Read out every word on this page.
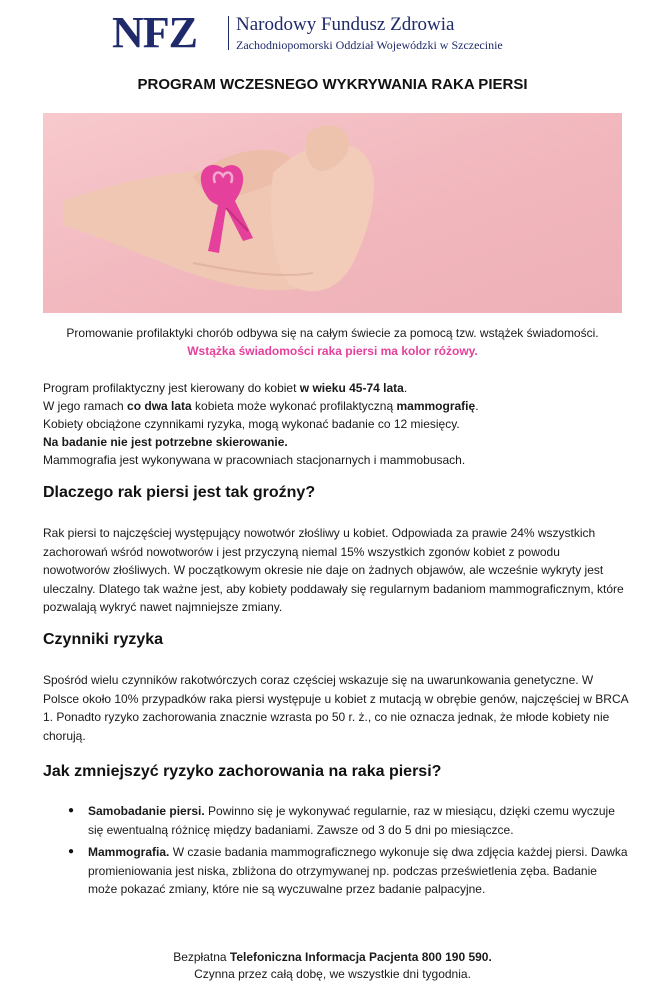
NFZ Narodowy Fundusz Zdrowia
Zachodniopomorski Oddział Wojewódzki w Szczecinie
PROGRAM WCZESNEGO WYKRYWANIA RAKA PIERSI

Promowanie profilaktyki chorób odbywa się na całym świecie za pomocą tzw. wstążek świadomości.

Wstążka świadomości raka piersi ma kolor różowy.

Program profilaktyczny jest kierowany do kobiet w wieku 45-74 lata.

W jego ramach co dwa lata kobieta może wykonać profilaktyczną mammografię.

Kobiety obciążone czynnikami ryzyka, mogą wykonać badanie co 12 miesięcy.

Na badanie nie jest potrzebne skierowanie.

Mammografia jest wykonywana w pracowniach stacjonarnych i mammobusach.

Dlaczego rak piersi jest tak groźny?
Rak piersi to najczęściej występujący nowotwór złośliwy u kobiet. Odpowiada za prawie 24% wszystkich zachorowań wśród nowotworów i jest przyczyną niemal 15% wszystkich zgonów kobiet z powodu nowotworów złośliwych. W początkowym okresie nie daje on żadnych objawów, ale wcześnie wykryty jest uleczalny. Dlatego tak ważne jest, aby kobiety poddawały się regularnym badaniom mammograficznym, które pozwalają wykryć nawet najmniejsze zmiany.
Czynniki ryzyka
Spośród wielu czynników rakotwórczych coraz częściej wskazuje się na uwarunkowania genetyczne. W Polsce około 10% przypadków raka piersi występuje u kobiet z mutacją w obrębie genów, najczęściej w BRCA 1. Ponadto ryzyko zachorowania znacznie wzrasta po 50 r. ż., co nie oznacza jednak, że młode kobiety nie chorują.
Jak zmniejszyć ryzyko zachorowania na raka piersi?
● Samobadanie piersi. Powinno się je wykonywać regularnie, raz w miesiącu, dzięki czemu wyczuje się ewentualną różnicę między badaniami. Zawsze od 3 do 5 dni po miesiączce.
● Mammografia. W czasie badania mammograficznego wykonuje się dwa zdjęcia każdej piersi. Dawka promieniowania jest niska, zbliżona do otrzymywanej np. podczas prześwietlenia zęba. Badanie może pokazać zmiany, które nie są wyczuwalne przez badanie palpacyjne.

Bezpłatna Telefoniczna Informacja Pacjenta 800 190 590.

Czynna przez całą dobę, we wszystkie dni tygodnia.
